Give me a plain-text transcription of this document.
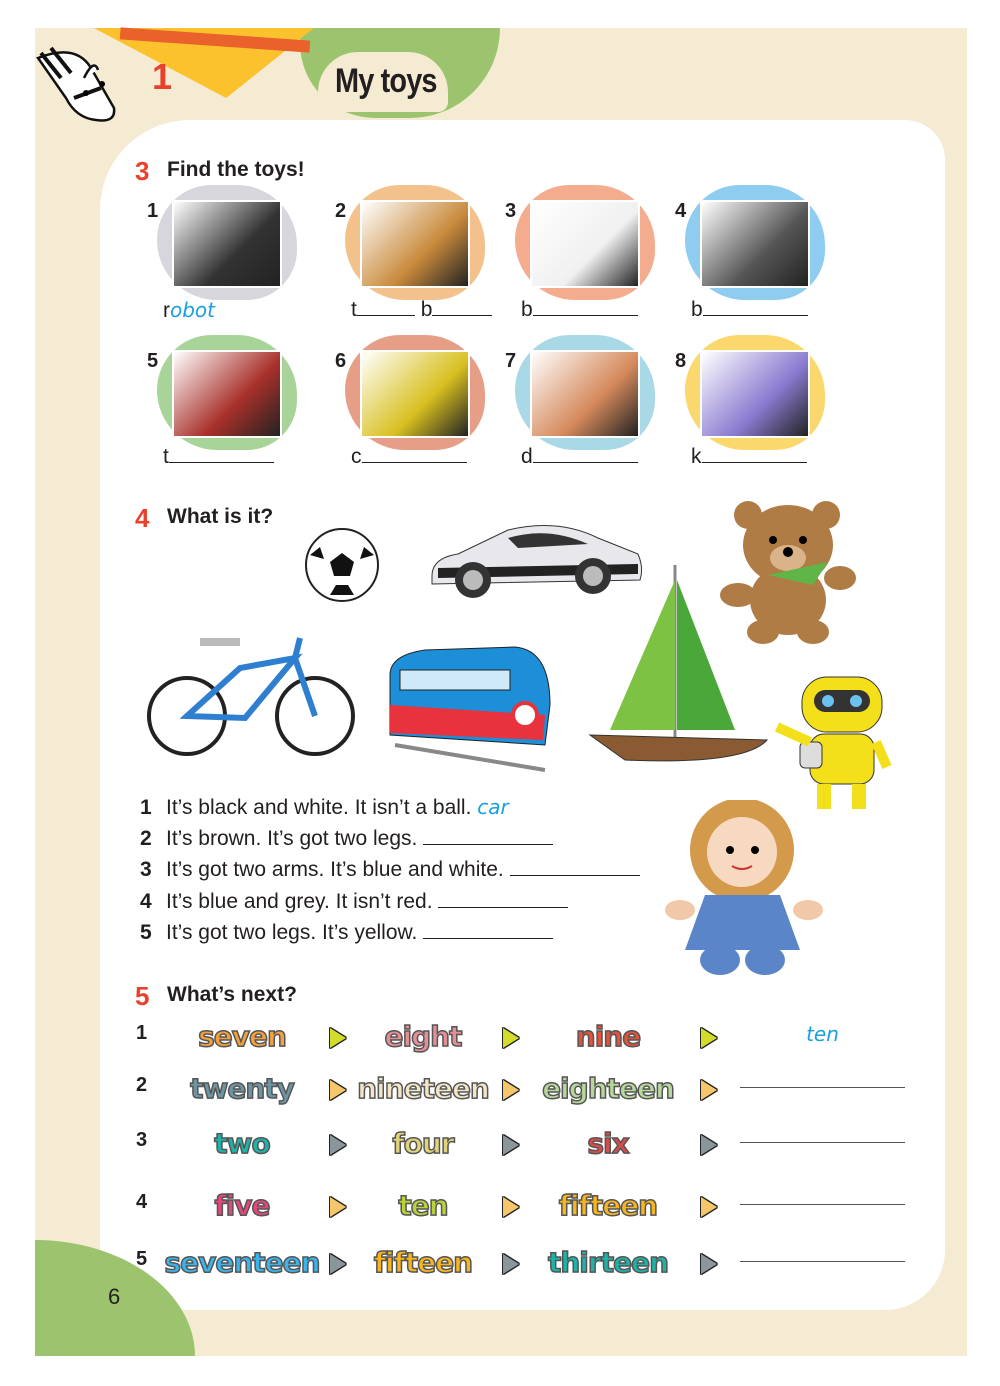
1	My toys
6
3 Find the toys!
1
robot
2
t	b
3
b
4
b
5
t
6
c
7
d
8
k
4 What is it?
1 It’s black and white. It isn’t a ball. car
2 It’s brown. It’s got two legs.
3 It’s got two arms. It’s blue and white.
4 It’s blue and grey. It isn’t red.
5 It’s got two legs. It’s yellow.
5 What’s next?
1	seven	eight	nine	ten
2	twenty	nineteen	eighteen
3	two	four	six
4	five	ten	fifteen
5 seventeen	fifteen	thirteen
